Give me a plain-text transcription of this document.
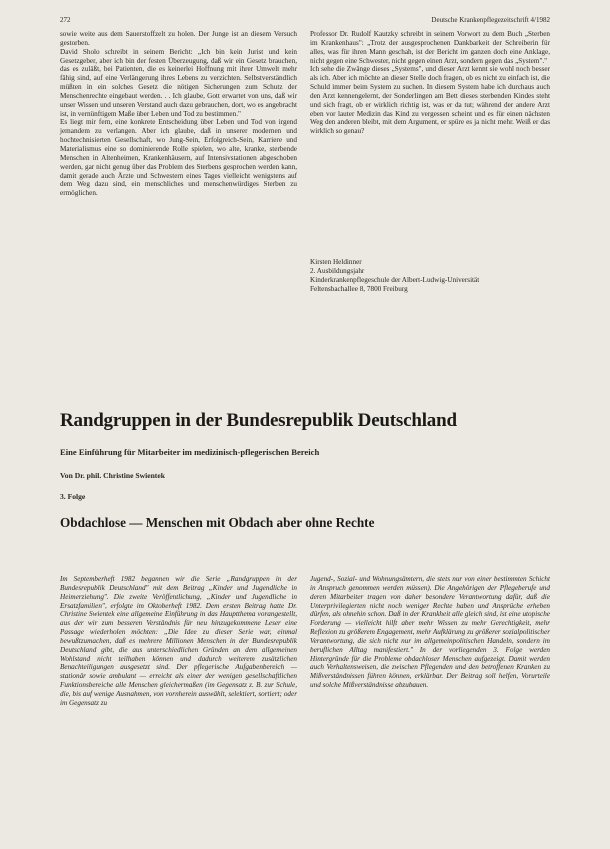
272	Deutsche Krankenpflegezeitschrift 4/1982

sowie weite aus dem Sauerstoffzelt zu holen. Der Junge ist an diesem Versuch gestorben.

David Sholo schreibt in seinem Bericht: „Ich bin kein Jurist und kein Gesetzgeber, aber ich bin der festen Überzeugung, daß wir ein Gesetz brauchen, das es zuläßt, bei Patienten, die es keinerlei Hoffnung mit ihrer Umwelt mehr fähig sind, auf eine Verlängerung ihres Lebens zu verzichten. Selbstverständlich müßten in ein solches Gesetz die nötigen Sicherungen zum Schutz der Menschenrechte eingebaut werden. . . Ich glaube, Gott erwartet von uns, daß wir unser Wissen und unseren Verstand auch dazu gebrauchen, dort, wo es angebracht ist, in vernünftigem Maße über Leben und Tod zu bestimmen."

Es liegt mir fern, eine konkrete Entscheidung über Leben und Tod von irgend jemandem zu verlangen. Aber ich glaube, daß in unserer modernen und hochtechnisierten Gesellschaft, wo Jung-Sein, Erfolgreich-Sein, Karriere und Materialismus eine so dominierende Rolle spielen, wo alte, kranke, sterbende Menschen in Altenheimen, Krankenhäusern, auf Intensivstationen abgeschoben werden, gar nicht genug über das Problem des Sterbens gesprochen werden kann, damit gerade auch Ärzte und Schwestern eines Tages vielleicht wenigstens auf dem Weg dazu sind, ein menschliches und menschenwürdiges Sterben zu ermöglichen.

Professor Dr. Rudolf Kautzky schreibt in seinem Vorwort zu dem Buch „Sterben im Krankenhaus": „Trotz der ausgesprochenen Dankbarkeit der Schreiberin für alles, was für ihren Mann geschah, ist der Bericht im ganzen doch eine Anklage, nicht gegen eine Schwester, nicht gegen einen Arzt, sondern gegen das „System"."

Ich sehe die Zwänge dieses „Systems", und dieser Arzt kennt sie wohl noch besser als ich. Aber ich möchte an dieser Stelle doch fragen, ob es nicht zu einfach ist, die Schuld immer beim System zu suchen. In diesem System habe ich durchaus auch den Arzt kennengelernt, der Sonderlingen am Bett dieses sterbenden Kindes steht und sich fragt, ob er wirklich richtig ist, was er da tut; während der andere Arzt eben vor lauter Medizin das Kind zu vergessen scheint und es für einen nächsten Weg den anderen bleibt, mit dem Argument, er spüre es ja nicht mehr. Weiß er das wirklich so genau?

Kirsten Heldinner
2. Ausbildungsjahr
Kinderkrankenpflegeschule der Albert-Ludwig-Universität
Feltensbachallee 8, 7800 Freiburg
Randgruppen in der Bundesrepublik Deutschland
Eine Einführung für Mitarbeiter im medizinisch-pflegerischen Bereich
Von Dr. phil. Christine Swientek
3. Folge
Obdachlose — Menschen mit Obdach aber ohne Rechte

Im Septemberheft 1982 begannen wir die Serie „Randgruppen in der Bundesrepublik Deutschland" mit dem Beitrag „Kinder und Jugendliche in Heimerziehung". Die zweite Veröffentlichung, „Kinder und Jugendliche in Ersatzfamilien", erfolgte im Oktoberheft 1982. Dem ersten Beitrag hatte Dr. Christine Swientek eine allgemeine Einführung in das Hauptthema vorangestellt, aus der wir zum besseren Verständnis für neu hinzugekommene Leser eine Passage wiederholen möchten: „Die Idee zu dieser Serie war, einmal bewußtzumachen, daß es mehrere Millionen Menschen in der Bundesrepublik Deutschland gibt, die aus unterschiedlichen Gründen an dem allgemeinen Wohlstand nicht teilhaben können und dadurch weiterem zusätzlichen Benachteiligungen ausgesetzt sind. Der pflegerische Aufgabenbereich — stationär sowie ambulant — erreicht als einer der wenigen gesellschaftlichen Funktionsbereiche alle Menschen gleichermaßen (im Gegensatz z. B. zur Schule, die, bis auf wenige Ausnahmen, von vornherein auswählt, selektiert, sortiert; oder im Gegensatz zu

Jugend-, Sozial- und Wohnungsämtern, die stets nur von einer bestimmten Schicht in Anspruch genommen werden müssen). Die Angehörigen der Pflegeberufe und deren Mitarbeiter tragen von daher besondere Verantwortung dafür, daß die Unterprivilegierten nicht noch weniger Rechte haben und Ansprüche erheben dürfen, als ohnehin schon. Daß in der Krankheit alle gleich sind, ist eine utopische Forderung — vielleicht hilft aber mehr Wissen zu mehr Gerechtigkeit, mehr Reflexion zu größerem Engagement, mehr Aufklärung zu größerer sozialpolitischer Verantwortung, die sich nicht nur im allgemeinpolitischen Handeln, sondern im beruflichen Alltag manifestiert." In der vorliegenden 3. Folge werden Hintergründe für die Probleme obdachloser Menschen aufgezeigt. Damit werden auch Verhaltensweisen, die zwischen Pflegenden und den betroffenen Kranken zu Mißverständnissen führen können, erklärbar. Der Beitrag soll helfen, Vorurteile und solche Mißverständnisse abzubauen.
